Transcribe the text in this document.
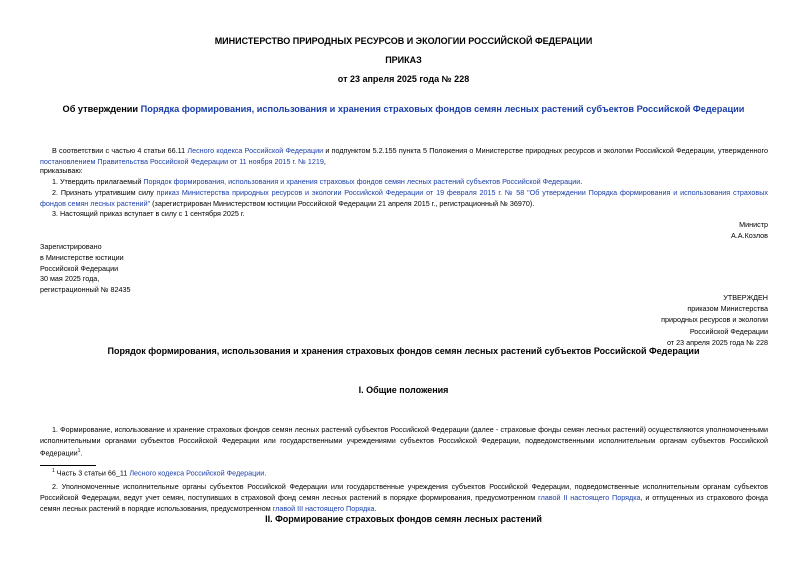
МИНИСТЕРСТВО ПРИРОДНЫХ РЕСУРСОВ И ЭКОЛОГИИ РОССИЙСКОЙ ФЕДЕРАЦИИ
ПРИКАЗ
от 23 апреля 2025 года № 228
Об утверждении Порядка формирования, использования и хранения страховых фондов семян лесных растений субъектов Российской Федерации
В соответствии с частью 4 статьи 66.11 Лесного кодекса Российской Федерации и подпунктом 5.2.155 пункта 5 Положения о Министерстве природных ресурсов и экологии Российской Федерации, утвержденного постановлением Правительства Российской Федерации от 11 ноября 2015 г. № 1219,
приказываю:
1. Утвердить прилагаемый Порядок формирования, использования и хранения страховых фондов семян лесных растений субъектов Российской Федерации.
2. Признать утратившим силу приказ Министерства природных ресурсов и экологии Российской Федерации от 19 февраля 2015 г. № 58 "Об утверждении Порядка формирования и использования страховых фондов семян лесных растений" (зарегистрирован Министерством юстиции Российской Федерации 21 апреля 2015 г., регистрационный № 36970).
3. Настоящий приказ вступает в силу с 1 сентября 2025 г.
Министр
А.А.Козлов
Зарегистрировано
в Министерстве юстиции
Российской Федерации
30 мая 2025 года,
регистрационный № 82435
УТВЕРЖДЕН
приказом Министерства
природных ресурсов и экологии
Российской Федерации
от 23 апреля 2025 года № 228
Порядок формирования, использования и хранения страховых фондов семян лесных растений субъектов Российской Федерации
I. Общие положения
1. Формирование, использование и хранение страховых фондов семян лесных растений субъектов Российской Федерации (далее - страховые фонды семян лесных растений) осуществляются уполномоченными исполнительными органами субъектов Российской Федерации или государственными учреждениями субъектов Российской Федерации, подведомственными исполнительным органам субъектов Российской Федерации$^1$.
$^1$ Часть 3 статьи 66_11 Лесного кодекса Российской Федерации.
2. Уполномоченные исполнительные органы субъектов Российской Федерации или государственные учреждения субъектов Российской Федерации, подведомственные исполнительным органам субъектов Российской Федерации, ведут учет семян, поступивших в страховой фонд семян лесных растений в порядке формирования, предусмотренном главой II настоящего Порядка, и отпущенных из страхового фонда семян лесных растений в порядке использования, предусмотренном главой III настоящего Порядка.
II. Формирование страховых фондов семян лесных растений
